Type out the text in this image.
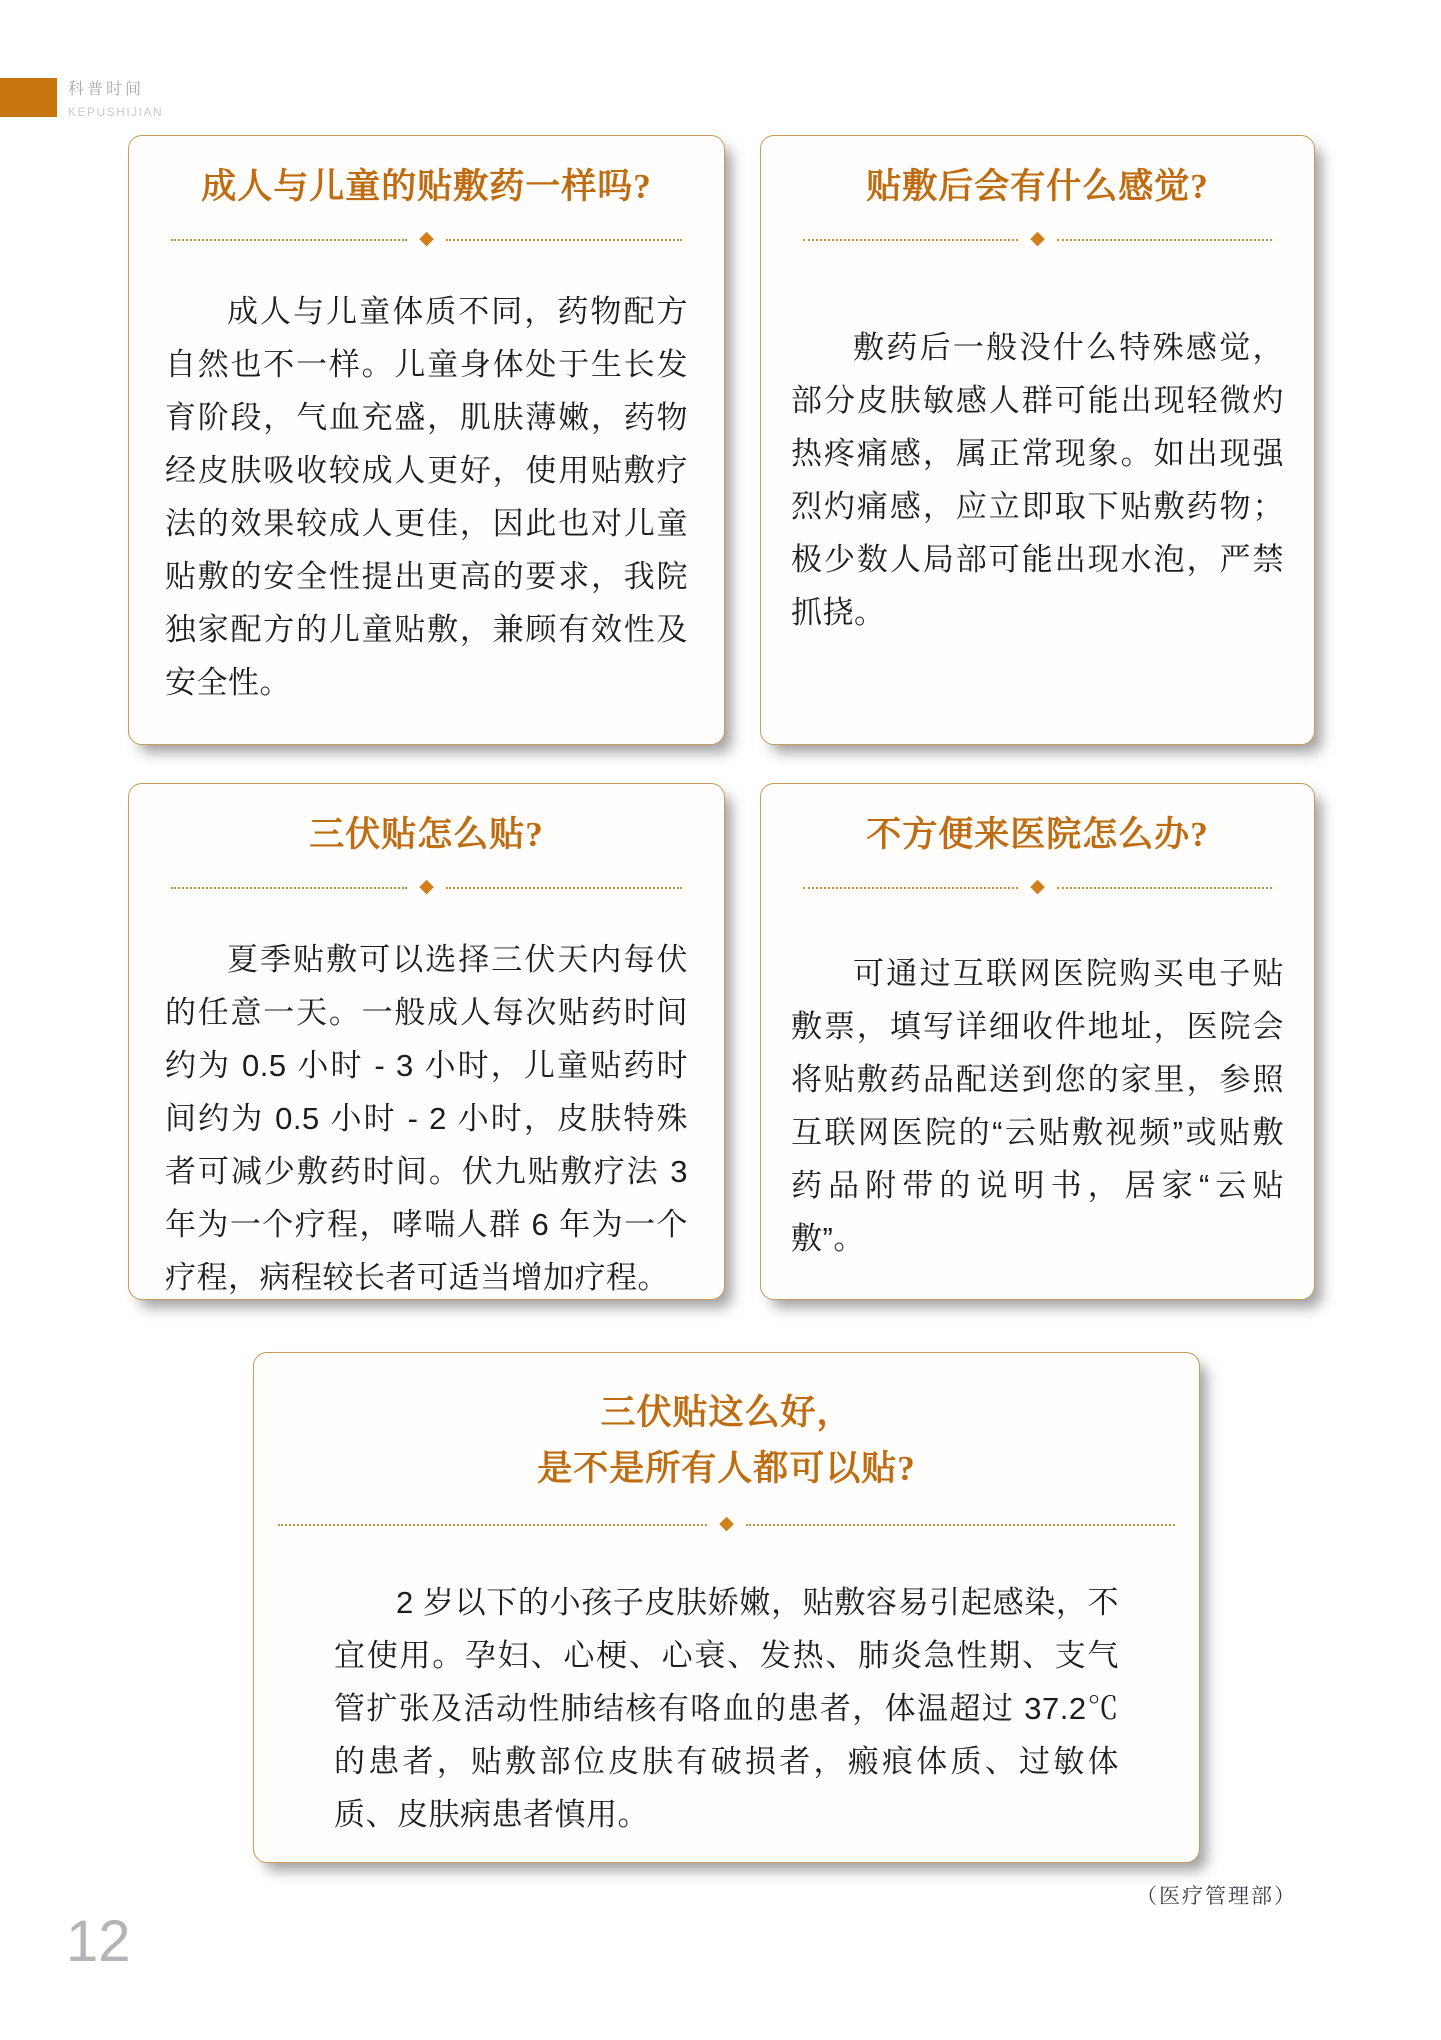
科普时间
KEPUSHIJIAN
成人与儿童的贴敷药一样吗?
◆

成人与儿童体质不同，药物配方自然也不一样。儿童身体处于生长发育阶段，气血充盛，肌肤薄嫩，药物经皮肤吸收较成人更好，使用贴敷疗法的效果较成人更佳，因此也对儿童贴敷的安全性提出更高的要求，我院独家配方的儿童贴敷，兼顾有效性及安全性。

贴敷后会有什么感觉?
◆

敷药后一般没什么特殊感觉，部分皮肤敏感人群可能出现轻微灼热疼痛感，属正常现象。如出现强烈灼痛感，应立即取下贴敷药物；极少数人局部可能出现水泡，严禁抓挠。

三伏贴怎么贴?
◆

夏季贴敷可以选择三伏天内每伏的任意一天。一般成人每次贴药时间约为 0.5 小时 - 3 小时，儿童贴药时间约为 0.5 小时 - 2 小时，皮肤特殊者可减少敷药时间。伏九贴敷疗法 3 年为一个疗程，哮喘人群 6 年为一个疗程，病程较长者可适当增加疗程。

不方便来医院怎么办?
◆

可通过互联网医院购买电子贴敷票，填写详细收件地址，医院会将贴敷药品配送到您的家里，参照互联网医院的“云贴敷视频”或贴敷药品附带的说明书，居家“云贴敷”。

三伏贴这么好，
是不是所有人都可以贴?
◆

2 岁以下的小孩子皮肤娇嫩，贴敷容易引起感染，不宜使用。孕妇、心梗、心衰、发热、肺炎急性期、支气管扩张及活动性肺结核有咯血的患者，体温超过 37.2℃的患者，贴敷部位皮肤有破损者，瘢痕体质、过敏体质、皮肤病患者慎用。

（医疗管理部）
12
